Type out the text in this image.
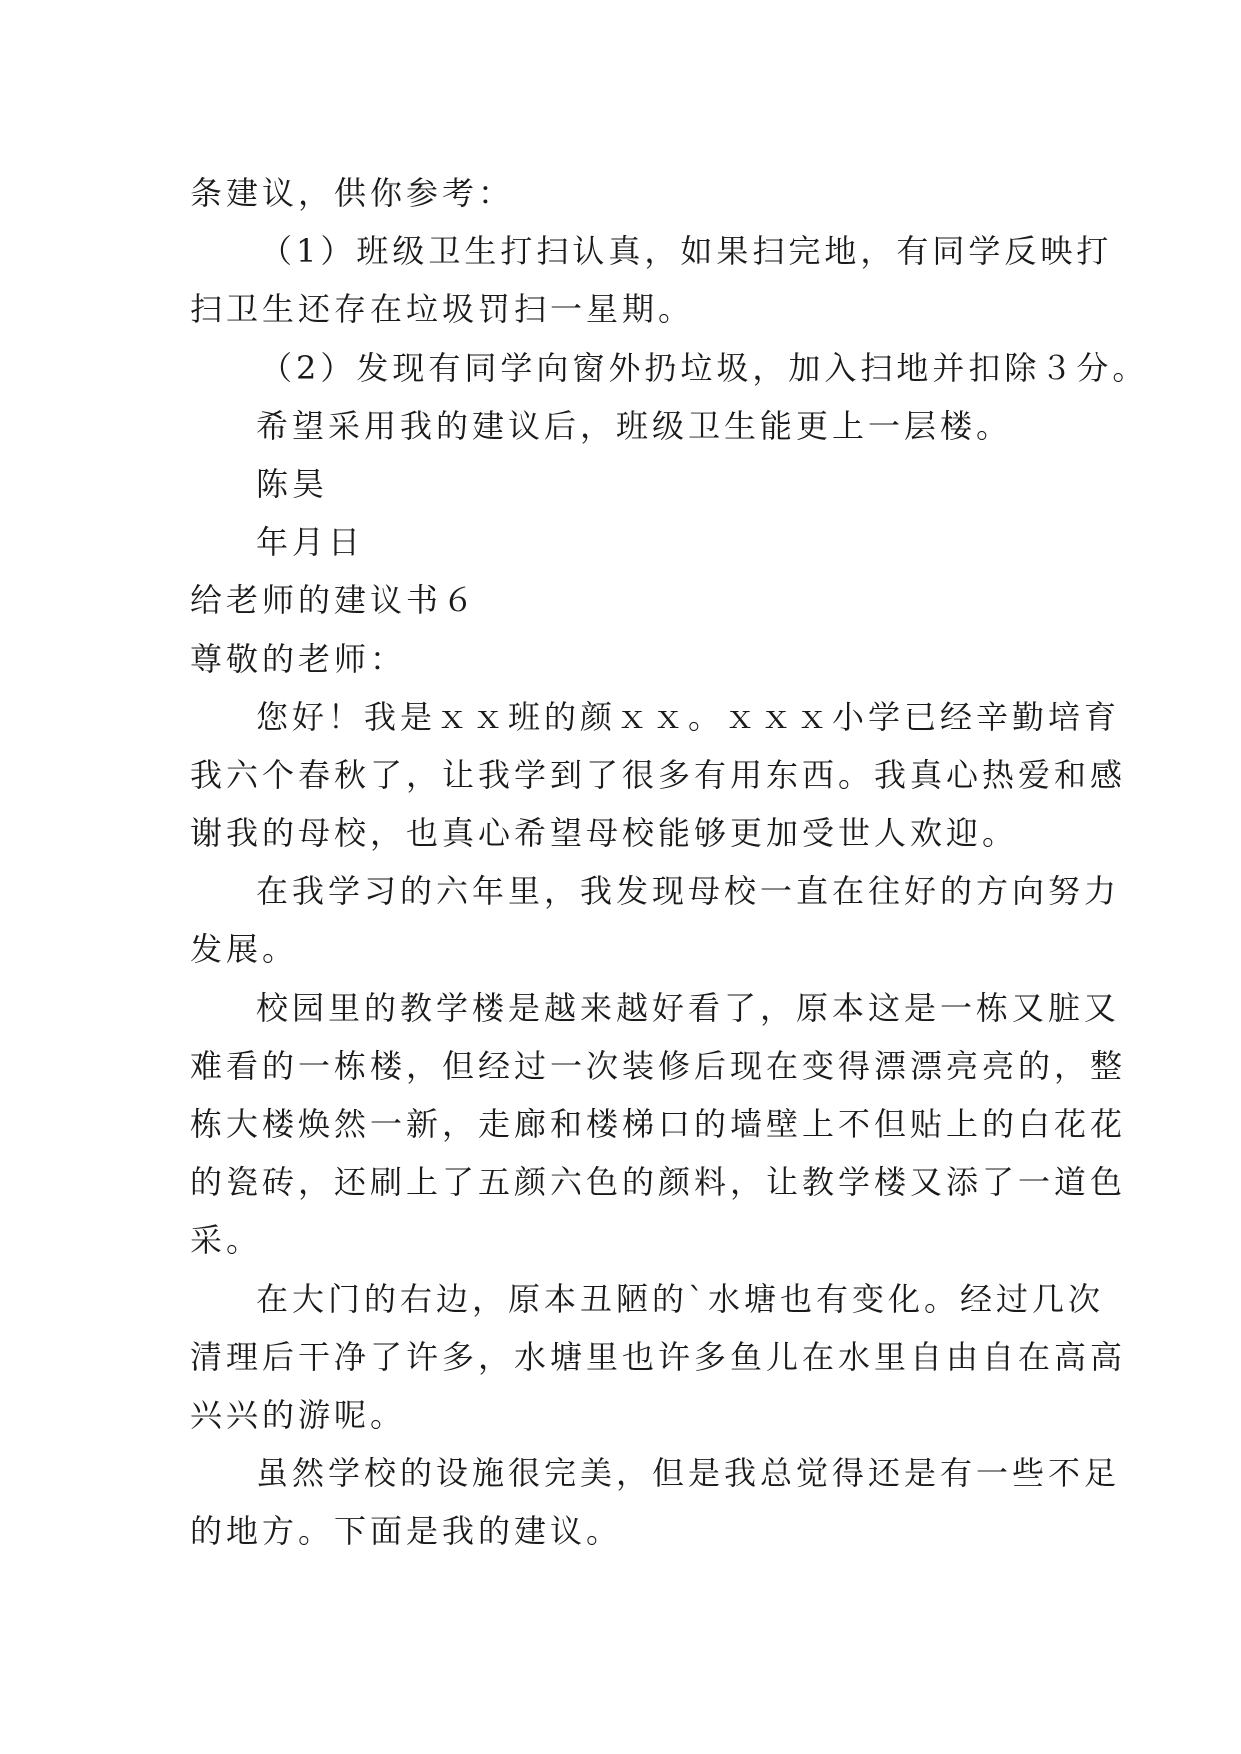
条建议，供你参考：
（1）班级卫生打扫认真，如果扫完地，有同学反映打
扫卫生还存在垃圾罚扫一星期。
（2）发现有同学向窗外扔垃圾，加入扫地并扣除３分。
希望采用我的建议后，班级卫生能更上一层楼。
陈昊
年月日
给老师的建议书６
尊敬的老师：
您好！我是ｘｘ班的颜ｘｘ。ｘｘｘ小学已经辛勤培育
我六个春秋了，让我学到了很多有用东西。我真心热爱和感
谢我的母校，也真心希望母校能够更加受世人欢迎。
在我学习的六年里，我发现母校一直在往好的方向努力
发展。
校园里的教学楼是越来越好看了，原本这是一栋又脏又
难看的一栋楼，但经过一次装修后现在变得漂漂亮亮的，整
栋大楼焕然一新，走廊和楼梯口的墙壁上不但贴上的白花花
的瓷砖，还刷上了五颜六色的颜料，让教学楼又添了一道色
采。
在大门的右边，原本丑陋的`水塘也有变化。经过几次
清理后干净了许多，水塘里也许多鱼儿在水里自由自在高高
兴兴的游呢。
虽然学校的设施很完美，但是我总觉得还是有一些不足
的地方。下面是我的建议。
